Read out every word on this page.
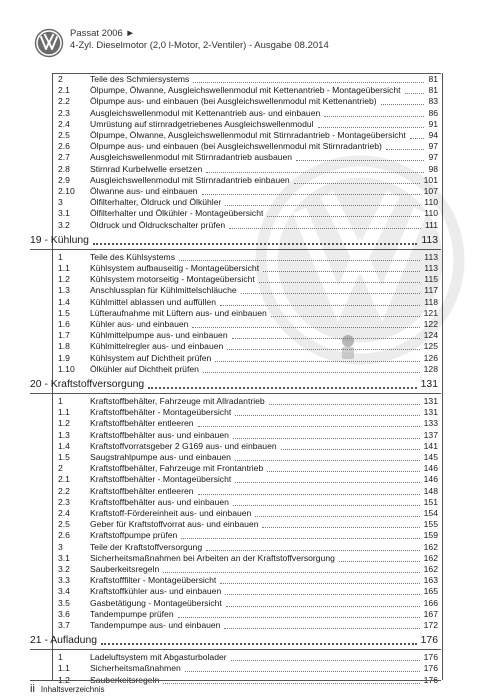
Passat 2006 ►
4-Zyl. Dieselmotor (2,0 l-Motor, 2-Ventiler) - Ausgabe 08.2014
2	Teile des Schmiersystems	81
2.1	Ölpumpe, Ölwanne, Ausgleichswellenmodul mit Kettenantrieb - Montageübersicht	81
2.2	Ölpumpe aus- und einbauen (bei Ausgleichswellenmodul mit Kettenantrieb)	83
2.3	Ausgleichswellenmodul mit Kettenantrieb aus- und einbauen	86
2.4	Umrüstung auf stirnradgetriebenes Ausgleichswellenmodul	91
2.5	Ölpumpe, Ölwanne, Ausgleichswellenmodul mit Stirnradantrieb - Montageübersicht	94
2.6	Ölpumpe aus- und einbauen (bei Ausgleichswellenmodul mit Stirnradantrieb)	97
2.7	Ausgleichswellenmodul mit Stirnradantrieb ausbauen	97
2.8	Stirnrad Kurbelwelle ersetzen	98
2.9	Ausgleichswellenmodul mit Stirnradantrieb einbauen	101
2.10	Ölwanne aus- und einbauen	107
3	Ölfilterhalter, Öldruck und Ölkühler	110
3.1	Ölfilterhalter und Ölkühler - Montageübersicht	110
3.2	Öldruck und Öldruckschalter prüfen	111
19 - Kühlung	113
1	Teile des Kühlsystems	113
1.1	Kühlsystem aufbauseitig - Montageübersicht	113
1.2	Kühlsystem motorseitig - Montageübersicht	115
1.3	Anschlussplan für Kühlmittelschläuche	117
1.4	Kühlmittel ablassen und auffüllen	118
1.5	Lüfteraufnahme mit Lüftern aus- und einbauen	121
1.6	Kühler aus- und einbauen	122
1.7	Kühlmittelpumpe aus- und einbauen	124
1.8	Kühlmittelregler aus- und einbauen	125
1.9	Kühlsystem auf Dichtheit prüfen	126
1.10	Ölkühler auf Dichtheit prüfen	128
20 - Kraftstoffversorgung	131
1	Kraftstoffbehälter, Fahrzeuge mit Allradantrieb	131
1.1	Kraftstoffbehälter - Montageübersicht	131
1.2	Kraftstoffbehälter entleeren	133
1.3	Kraftstoffbehälter aus- und einbauen	137
1.4	Kraftstoffvorratsgeber 2 G169 aus- und einbauen	141
1.5	Saugstrahlpumpe aus- und einbauen	145
2	Kraftstoffbehälter, Fahrzeuge mit Frontantrieb	146
2.1	Kraftstoffbehälter - Montageübersicht	146
2.2	Kraftstoffbehälter entleeren	148
2.3	Kraftstoffbehälter aus- und einbauen	151
2.4	Kraftstoff-Fördereinheit aus- und einbauen	154
2.5	Geber für Kraftstoffvorrat aus- und einbauen	155
2.6	Kraftstoffpumpe prüfen	159
3	Teile der Kraftstoffversorgung	162
3.1	Sicherheitsmaßnahmen bei Arbeiten an der Kraftstoffversorgung	162
3.2	Sauberkeitsregeln	162
3.3	Kraftstofffilter - Montageübersicht	163
3.4	Kraftstoffkühler aus- und einbauen	165
3.5	Gasbetätigung - Montageübersicht	166
3.6	Tandempumpe prüfen	167
3.7	Tandempumpe aus- und einbauen	172
21 - Aufladung	176
1	Ladeluftsystem mit Abgasturbolader	176
1.1	Sicherheitsmaßnahmen	176
1.2	Sauberkeitsregeln	176
ii Inhaltsverzeichnis
